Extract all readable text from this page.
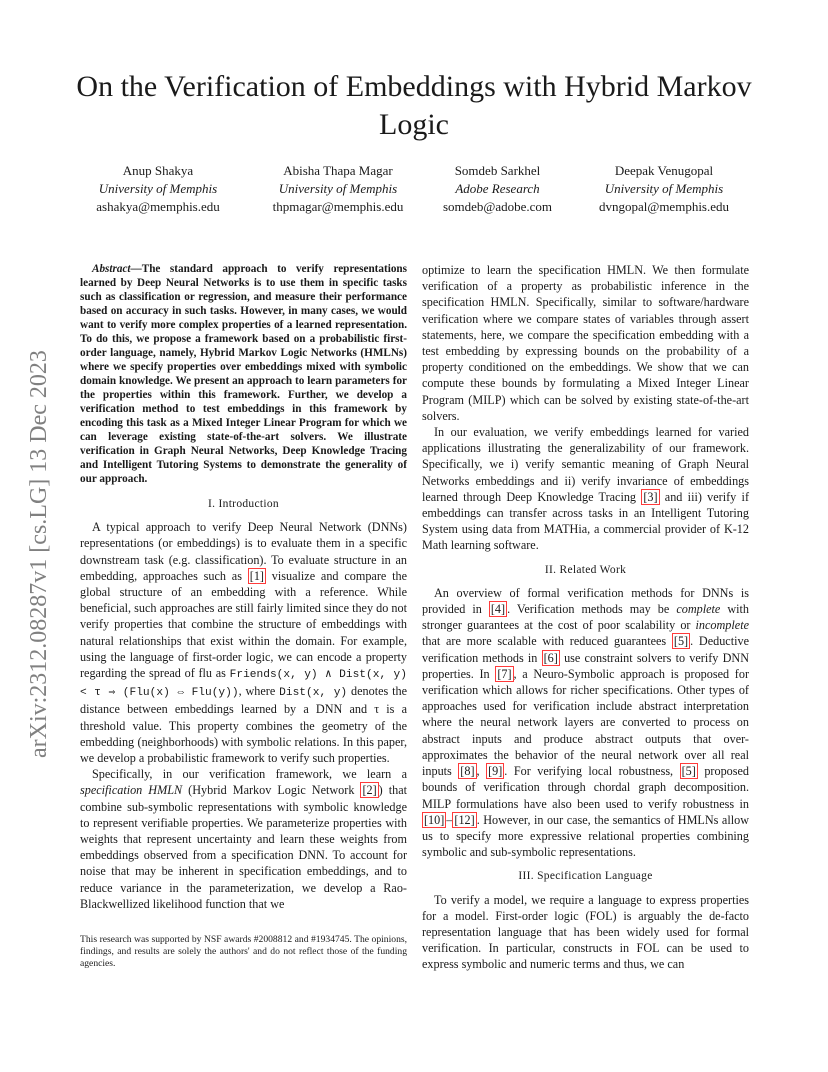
On the Verification of Embeddings with Hybrid Markov Logic
Anup Shakya
University of Memphis
ashakya@memphis.edu
Abisha Thapa Magar
University of Memphis
thpmagar@memphis.edu
Somdeb Sarkhel
Adobe Research
somdeb@adobe.com
Deepak Venugopal
University of Memphis
dvngopal@memphis.edu
arXiv:2312.08287v1 [cs.LG] 13 Dec 2023

Abstract—The standard approach to verify representations learned by Deep Neural Networks is to use them in specific tasks such as classification or regression, and measure their performance based on accuracy in such tasks. However, in many cases, we would want to verify more complex properties of a learned representation. To do this, we propose a framework based on a probabilistic first-order language, namely, Hybrid Markov Logic Networks (HMLNs) where we specify properties over embeddings mixed with symbolic domain knowledge. We present an approach to learn parameters for the properties within this framework. Further, we develop a verification method to test embeddings in this framework by encoding this task as a Mixed Integer Linear Program for which we can leverage existing state-of-the-art solvers. We illustrate verification in Graph Neural Networks, Deep Knowledge Tracing and Intelligent Tutoring Systems to demonstrate the generality of our approach.

I. Introduction

A typical approach to verify Deep Neural Network (DNNs) representations (or embeddings) is to evaluate them in a specific downstream task (e.g. classification). To evaluate structure in an embedding, approaches such as [1] visualize and compare the global structure of an embedding with a reference. While beneficial, such approaches are still fairly limited since they do not verify properties that combine the structure of embeddings with natural relationships that exist within the domain. For example, using the language of first-order logic, we can encode a property regarding the spread of flu as Friends(x, y) ∧ Dist(x, y) < τ ⇒ (Flu(x) ⇔ Flu(y)), where Dist(x, y) denotes the distance between embeddings learned by a DNN and τ is a threshold value. This property combines the geometry of the embedding (neighborhoods) with symbolic relations. In this paper, we develop a probabilistic framework to verify such properties.

Specifically, in our verification framework, we learn a specification HMLN (Hybrid Markov Logic Network [2] ) that combine sub-symbolic representations with symbolic knowledge to represent verifiable properties. We parameterize properties with weights that represent uncertainty and learn these weights from embeddings observed from a specification DNN. To account for noise that may be inherent in specification embeddings, and to reduce variance in the parameterization, we develop a Rao-Blackwellized likelihood function that we

This research was supported by NSF awards #2008812 and #1934745. The opinions, findings, and results are solely the authors' and do not reflect those of the funding agencies.

optimize to learn the specification HMLN. We then formulate verification of a property as probabilistic inference in the specification HMLN. Specifically, similar to software/hardware verification where we compare states of variables through assert statements, here, we compare the specification embedding with a test embedding by expressing bounds on the probability of a property conditioned on the embeddings. We show that we can compute these bounds by formulating a Mixed Integer Linear Program (MILP) which can be solved by existing state-of-the-art solvers.

In our evaluation, we verify embeddings learned for varied applications illustrating the generalizability of our framework. Specifically, we i) verify semantic meaning of Graph Neural Networks embeddings and ii) verify invariance of embeddings learned through Deep Knowledge Tracing [3] and iii) verify if embeddings can transfer across tasks in an Intelligent Tutoring System using data from MATHia, a commercial provider of K-12 Math learning software.

II. Related Work

An overview of formal verification methods for DNNs is provided in [4] . Verification methods may be complete with stronger guarantees at the cost of poor scalability or incomplete that are more scalable with reduced guarantees [5] . Deductive verification methods in [6] use constraint solvers to verify DNN properties. In [7] , a Neuro-Symbolic approach is proposed for verification which allows for richer specifications. Other types of approaches used for verification include abstract interpretation where the neural network layers are converted to process on abstract inputs and produce abstract outputs that over-approximates the behavior of the neural network over all real inputs [8] , [9] . For verifying local robustness, [5] proposed bounds of verification through chordal graph decomposition. MILP formulations have also been used to verify robustness in [10] – [12] . However, in our case, the semantics of HMLNs allow us to specify more expressive relational properties combining symbolic and sub-symbolic representations.

III. Specification Language

To verify a model, we require a language to express properties for a model. First-order logic (FOL) is arguably the de-facto representation language that has been widely used for formal verification. In particular, constructs in FOL can be used to express symbolic and numeric terms and thus, we can
